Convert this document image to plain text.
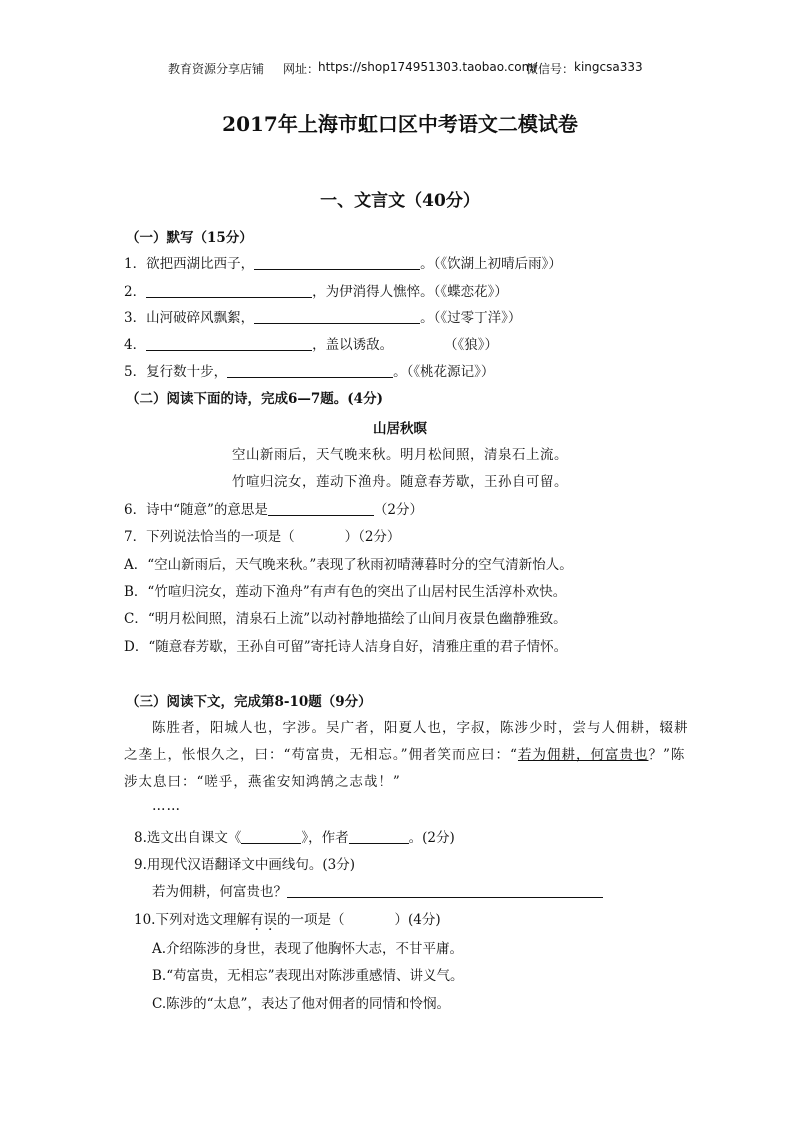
教育资源分享店铺 网址：
https://shop174951303.taobao.com/
微信号： kingcsa333
2017年上海市虹口区中考语文二模试卷
一、文言文（40分）
（一）默写（15分）
1．欲把西湖比西子，	。（《饮湖上初晴后雨》）
2．	，为伊消得人憔悴。（《蝶恋花》）
3．山河破碎风飘絮，	。（《过零丁洋》）
4．	，盖以诱敌。	（《狼》）
5．复行数十步，	。（《桃花源记》）
（二）阅读下面的诗，完成6—7题。(4分)
山居秋暝
空山新雨后，天气晚来秋。明月松间照，清泉石上流。
竹喧归浣女，莲动下渔舟。随意春芳歇，王孙自可留。
6．诗中“随意”的意思是	（2分）
7．下列说法恰当的一项是（	）（2分）
A．“空山新雨后，天气晚来秋。”表现了秋雨初晴薄暮时分的空气清新怡人。
B．“竹喧归浣女，莲动下渔舟”有声有色的突出了山居村民生活淳朴欢快。
C．“明月松间照，清泉石上流”以动衬静地描绘了山间月夜景色幽静雅致。
D．“随意春芳歇，王孙自可留”寄托诗人洁身自好，清雅庄重的君子情怀。
（三）阅读下文，完成第8-10题（9分）
陈胜者，阳城人也，字涉。吴广者，阳夏人也，字叔，陈涉少时，尝与人佣耕，辍耕
之垄上，怅恨久之，曰：“苟富贵，无相忘。”佣者笑而应曰：“若为佣耕，何富贵也？”陈
涉太息曰：“嗟乎，燕雀安知鸿鹄之志哉！”
……
8.选文出自课文《	》，作者	。(2分)
9.用现代汉语翻译文中画线句。(3分)
若为佣耕，何富贵也？
10.下列对选文理解有误的一项是（	）(4分)
A.介绍陈涉的身世，表现了他胸怀大志，不甘平庸。
B.“苟富贵，无相忘”表现出对陈涉重感情、讲义气。
C.陈涉的“太息”，表达了他对佣者的同情和怜悯。
